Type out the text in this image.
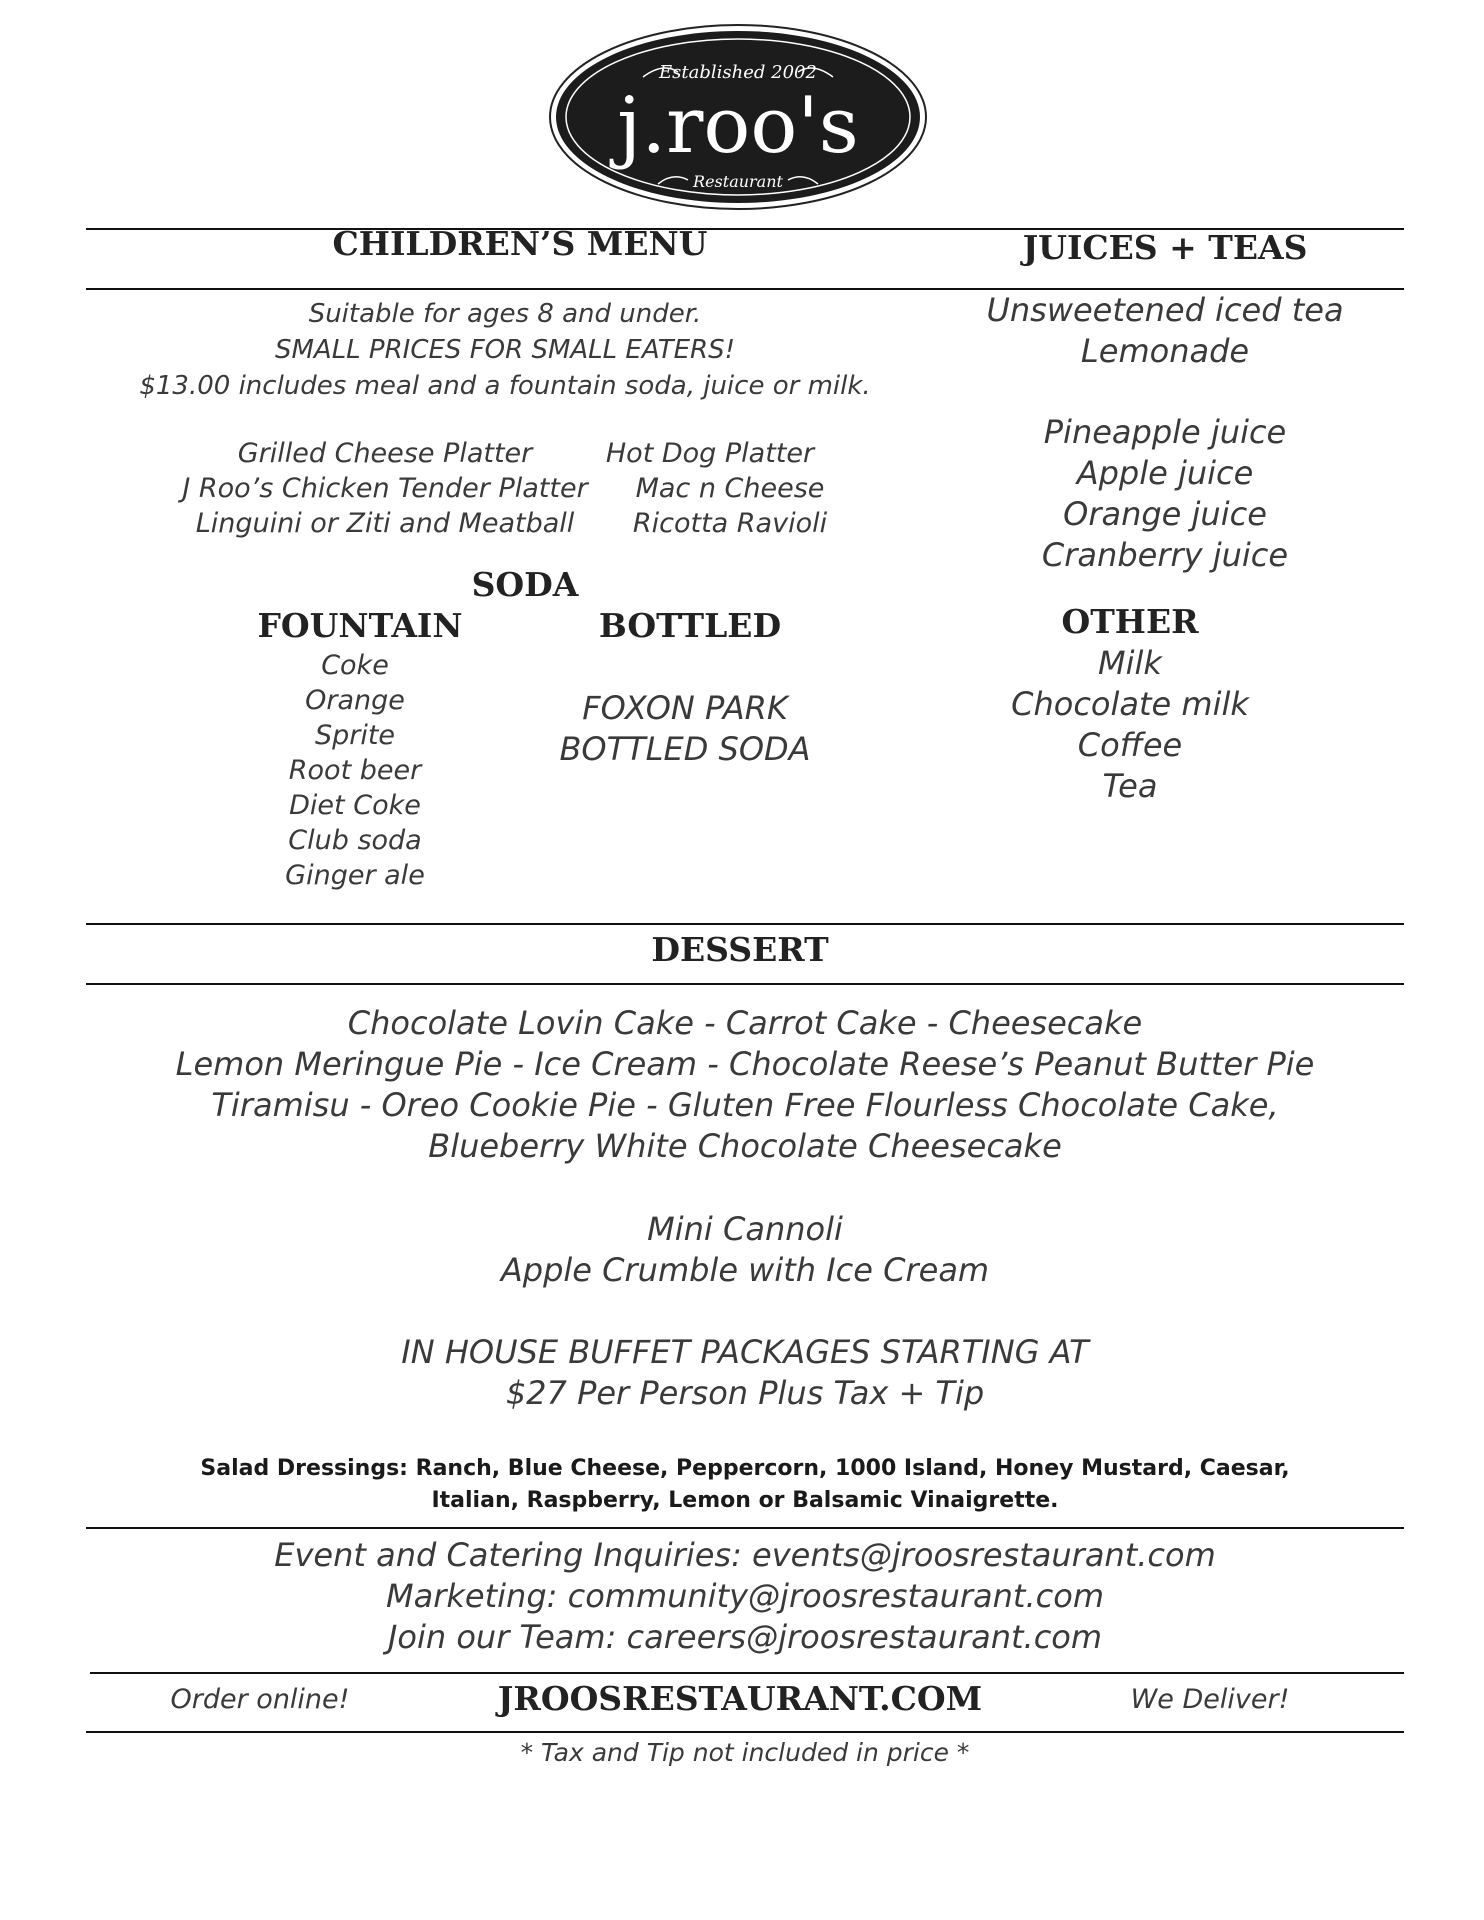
Established 2002
j.roo's
Restaurant
CHILDREN’S MENU
Suitable for ages 8 and under.
SMALL PRICES FOR SMALL EATERS!
$13.00 includes meal and a fountain soda, juice or milk.
Grilled Cheese Platter
J Roo’s Chicken Tender Platter
Linguini or Ziti and Meatball
Hot Dog Platter
Mac n Cheese
Ricotta Ravioli
SODA
FOUNTAIN
Coke
Orange
Sprite
Root beer
Diet Coke
Club soda
Ginger ale
BOTTLED
FOXON PARK
BOTTLED SODA
JUICES + TEAS
Unsweetened iced tea
Lemonade
Pineapple juice
Apple juice
Orange juice
Cranberry juice
OTHER
Milk
Chocolate milk
Coffee
Tea
DESSERT
Chocolate Lovin Cake - Carrot Cake - Cheesecake
Lemon Meringue Pie - Ice Cream - Chocolate Reese’s Peanut Butter Pie
Tiramisu - Oreo Cookie Pie - Gluten Free Flourless Chocolate Cake,
Blueberry White Chocolate Cheesecake
Mini Cannoli
Apple Crumble with Ice Cream
IN HOUSE BUFFET PACKAGES STARTING AT
$27 Per Person Plus Tax + Tip
Salad Dressings: Ranch, Blue Cheese, Peppercorn, 1000 Island, Honey Mustard, Caesar,
Italian, Raspberry, Lemon or Balsamic Vinaigrette.
Event and Catering Inquiries: events@jroosrestaurant.com
Marketing: community@jroosrestaurant.com
Join our Team: careers@jroosrestaurant.com
Order online!	JROOSRESTAURANT.COM	We Deliver!
* Tax and Tip not included in price *
